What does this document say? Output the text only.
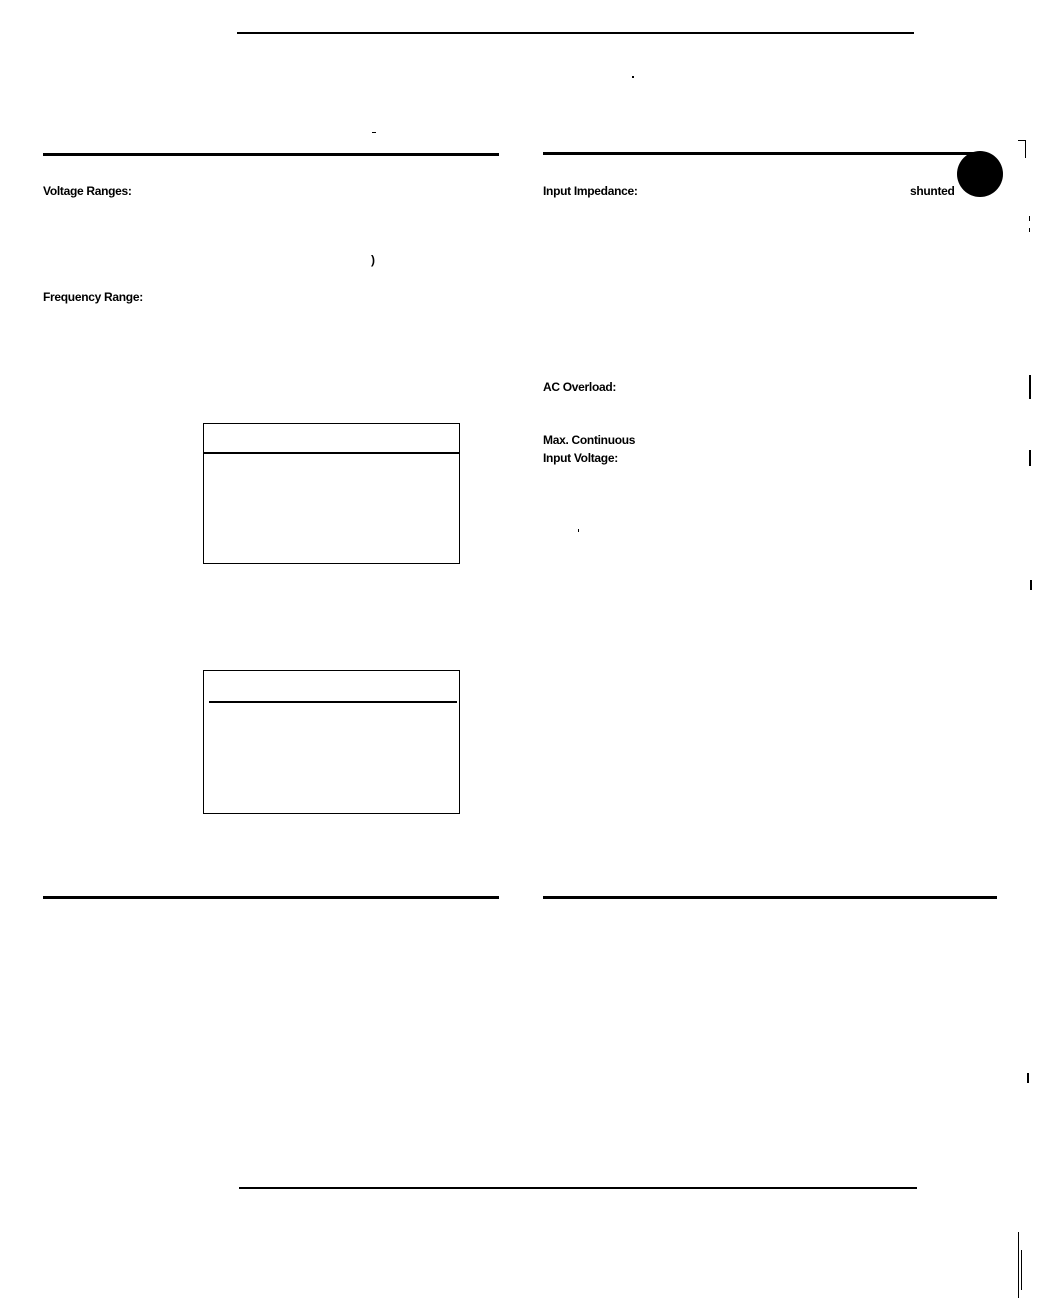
Voltage Ranges:
)
Frequency Range:
Input Impedance:	shunted
AC Overload:
Max. Continuous
Input Voltage:
